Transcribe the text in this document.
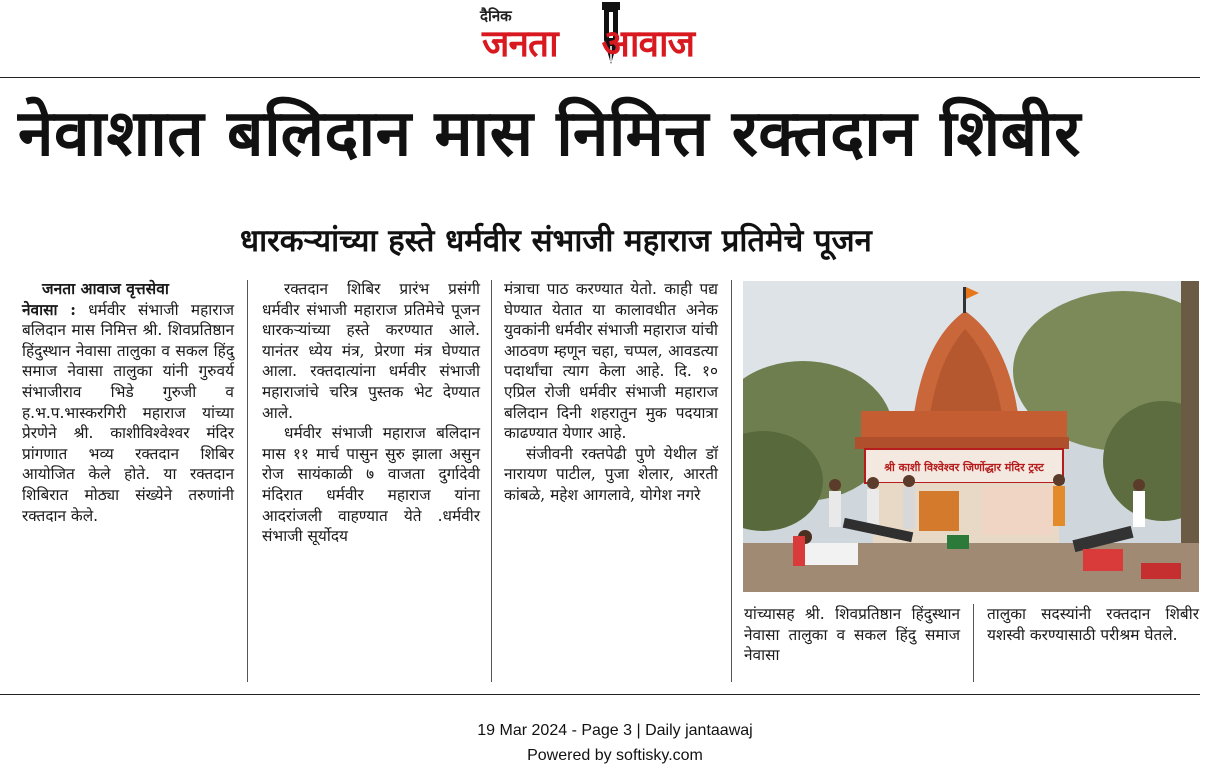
दैनिक
जनता आवाज
नेवाशात बलिदान मास निमित्त रक्तदान शिबीर
धारकऱ्यांच्या हस्ते धर्मवीर संभाजी महाराज प्रतिमेचे पूजन

जनता आवाज वृत्तसेवा

नेवासा : धर्मवीर संभाजी महाराज बलिदान मास निमित्त श्री. शिवप्रतिष्ठान हिंदुस्थान नेवासा तालुका व सकल हिंदु समाज नेवासा तालुका यांनी गुरुवर्य संभाजीराव भिडे गुरुजी व ह.भ.प.भास्करगिरी महाराज यांच्या प्रेरणेने श्री. काशीविश्वेश्वर मंदिर प्रांगणात भव्य रक्तदान शिबिर आयोजित केले होते. या रक्तदान शिबिरात मोठ्या संख्येने तरुणांनी रक्तदान केले.

रक्तदान शिबिर प्रारंभ प्रसंगी धर्मवीर संभाजी महाराज प्रतिमेचे पूजन धारकऱ्यांच्या हस्ते करण्यात आले. यानंतर ध्येय मंत्र, प्रेरणा मंत्र घेण्यात आला. रक्तदात्यांना धर्मवीर संभाजी महाराजांचे चरित्र पुस्तक भेट देण्यात आले.

धर्मवीर संभाजी महाराज बलिदान मास ११ मार्च पासुन सुरु झाला असुन रोज सायंकाळी ७ वाजता दुर्गादेवी मंदिरात धर्मवीर महाराज यांना आदरांजली वाहण्यात येते .धर्मवीर संभाजी सूर्योदय

मंत्राचा पाठ करण्यात येतो. काही पद्य घेण्यात येतात या कालावधीत अनेक युवकांनी धर्मवीर संभाजी महाराज यांची आठवण म्हणून चहा, चप्पल, आवडत्या पदार्थांचा त्याग केला आहे. दि. १० एप्रिल रोजी धर्मवीर संभाजी महाराज बलिदान दिनी शहरातुन मुक पदयात्रा काढण्यात येणार आहे.

संजीवनी रक्तपेढी पुणे येथील डॉ नारायण पाटील, पुजा शेलार, आरती कांबळे, महेश आगलावे, योगेश नगरे

श्री काशी विश्वेश्वर जिर्णोद्धार मंदिर ट्रस्ट

यांच्यासह श्री. शिवप्रतिष्ठान हिंदुस्थान नेवासा तालुका व सकल हिंदु समाज नेवासा

तालुका सदस्यांनी रक्तदान शिबीर यशस्वी करण्यासाठी परीश्रम घेतले.

19 Mar 2024 - Page 3 | Daily jantaawaj
Powered by softisky.com
